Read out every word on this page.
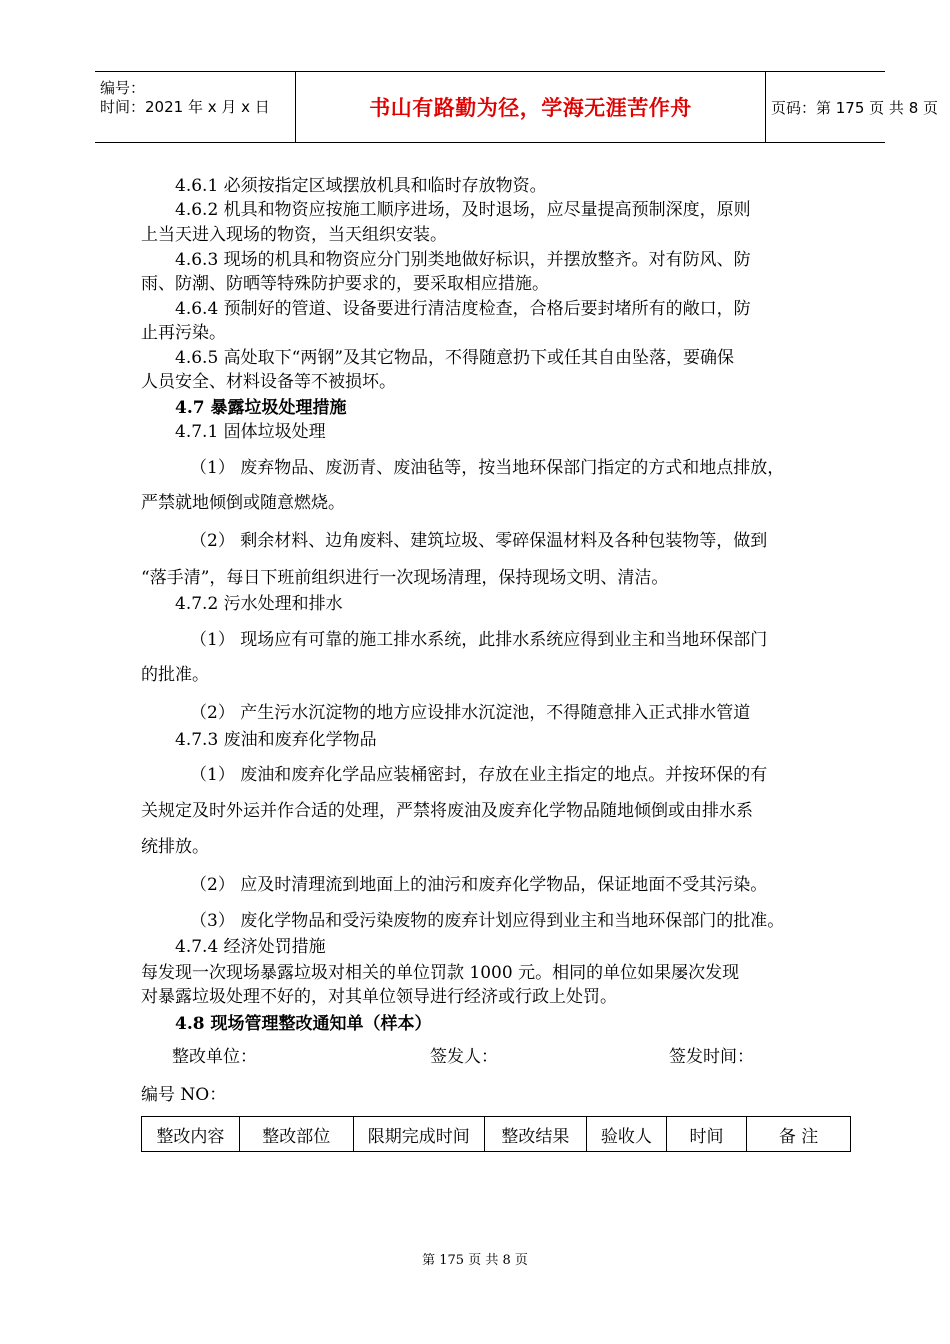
编号：
时间：2021 年 x 月 x 日	书山有路勤为径，学海无涯苦作舟	页码：第 175 页 共 8 页
4.6.1 必须按指定区域摆放机具和临时存放物资。
4.6.2 机具和物资应按施工顺序进场，及时退场，应尽量提高预制深度，原则
上当天进入现场的物资，当天组织安装。
4.6.3 现场的机具和物资应分门别类地做好标识，并摆放整齐。对有防风、防
雨、防潮、防晒等特殊防护要求的，要采取相应措施。
4.6.4 预制好的管道、设备要进行清洁度检查，合格后要封堵所有的敞口，防
止再污染。
4.6.5 高处取下“两钢”及其它物品，不得随意扔下或任其自由坠落，要确保
人员安全、材料设备等不被损坏。
4.7 暴露垃圾处理措施
4.7.1 固体垃圾处理
（1） 废弃物品、废沥青、废油毡等，按当地环保部门指定的方式和地点排放，
严禁就地倾倒或随意燃烧。
（2） 剩余材料、边角废料、建筑垃圾、零碎保温材料及各种包装物等，做到
“落手清”，每日下班前组织进行一次现场清理，保持现场文明、清洁。
4.7.2 污水处理和排水
（1） 现场应有可靠的施工排水系统，此排水系统应得到业主和当地环保部门
的批准。
（2） 产生污水沉淀物的地方应设排水沉淀池，不得随意排入正式排水管道
4.7.3 废油和废弃化学物品
（1） 废油和废弃化学品应装桶密封，存放在业主指定的地点。并按环保的有
关规定及时外运并作合适的处理，严禁将废油及废弃化学物品随地倾倒或由排水系
统排放。
（2） 应及时清理流到地面上的油污和废弃化学物品，保证地面不受其污染。
（3） 废化学物品和受污染废物的废弃计划应得到业主和当地环保部门的批准。
4.7.4 经济处罚措施
每发现一次现场暴露垃圾对相关的单位罚款 1000 元。相同的单位如果屡次发现
对暴露垃圾处理不好的，对其单位领导进行经济或行政上处罚。
4.8 现场管理整改通知单（样本）
整改单位：	签发人：	签发时间：
编号 NO：
整改内容	整改部位	限期完成时间	整改结果	验收人	时间	备 注
第 175 页 共 8 页
